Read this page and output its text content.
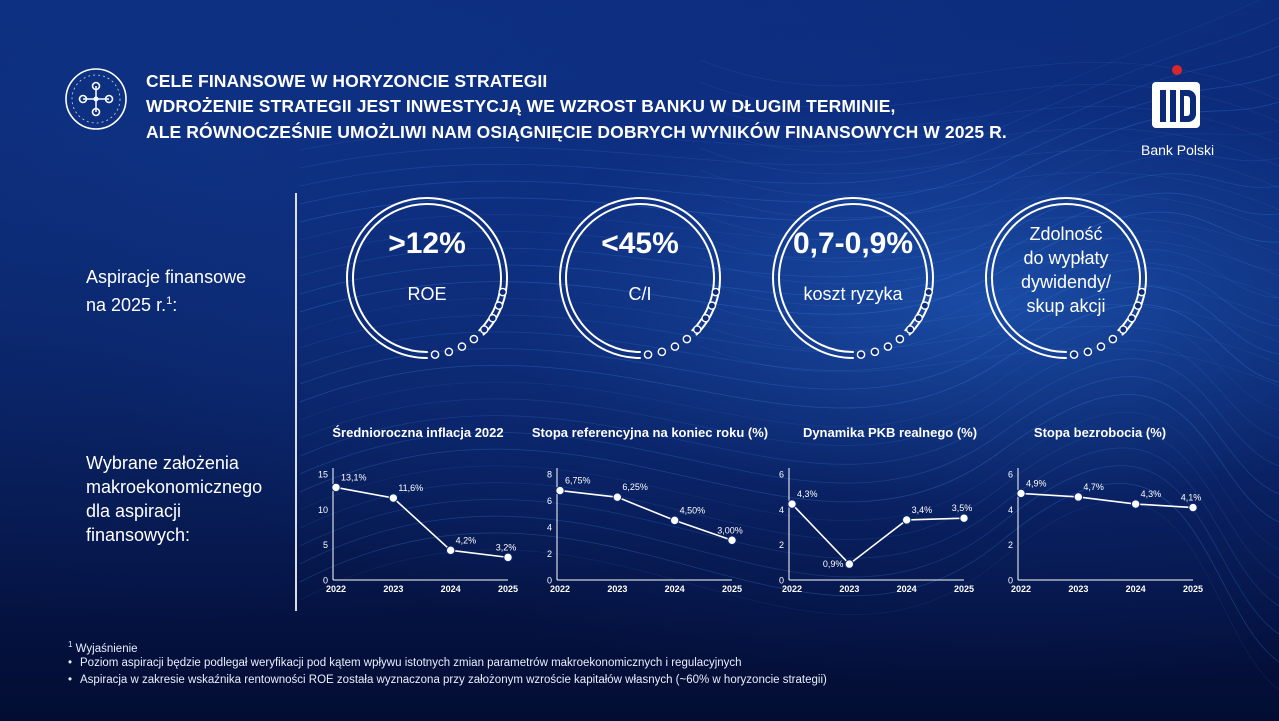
CELE FINANSOWE W HORYZONCIE STRATEGII
WDROŻENIE STRATEGII JEST INWESTYCJĄ WE WZROST BANKU W DŁUGIM TERMINIE,
ALE RÓWNOCZEŚNIE UMOŻLIWI NAM OSIĄGNIĘCIE DOBRYCH WYNIKÓW FINANSOWYCH W 2025 R.
Bank Polski
Aspiracje finansowe
na 2025 r.$^1$:
Wybrane założenia
makroekonomicznego
dla aspiracji
finansowych:
>12%
ROE
<45%
C/I
0,7-0,9%
koszt ryzyka
Zdolność
do wypłaty
dywidendy/
skup akcji
Średnioroczna inflacja 2022	Stopa referencyjna na koniec roku (%)	Dynamika PKB realnego (%)	Stopa bezrobocia (%)
0
5
10
15
2022	2023	2024	2025
13,1%
11,6%
4,2%
3,2%
0
2
4
6
8
2022	2023	2024	2025
6,75%
6,25%
4,50%
3,00%
0
2
4
6
2022	2023	2024	2025
4,3%
0,9%
3,4% 3,5%
0
2
4
6
2022	2023	2024	2025
4,9%	4,7%
4,3% 4,1%
$^1$ Wyjaśnienie
• Poziom aspiracji będzie podlegał weryfikacji pod kątem wpływu istotnych zmian parametrów makroekonomicznych i regulacyjnych
• Aspiracja w zakresie wskaźnika rentowności ROE została wyznaczona przy założonym wzroście kapitałów własnych (~60% w horyzoncie strategii)
